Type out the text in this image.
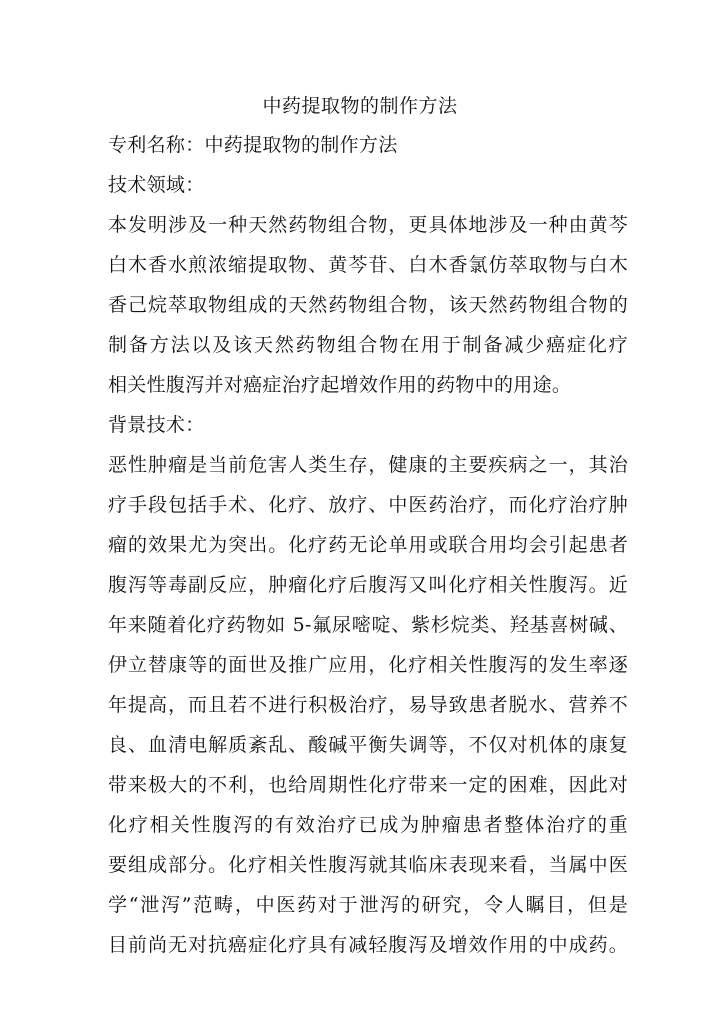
中药提取物的制作方法
专利名称：中药提取物的制作方法
技术领域：
本发明涉及一种天然药物组合物，更具体地涉及一种由黄芩
白木香水煎浓缩提取物、黄芩苷、白木香氯仿萃取物与白木
香己烷萃取物组成的天然药物组合物，该天然药物组合物的
制备方法以及该天然药物组合物在用于制备减少癌症化疗
相关性腹泻并对癌症治疗起增效作用的药物中的用途。
背景技术：
恶性肿瘤是当前危害人类生存，健康的主要疾病之一，其治
疗手段包括手术、化疗、放疗、中医药治疗，而化疗治疗肿
瘤的效果尤为突出。化疗药无论单用或联合用均会引起患者
腹泻等毒副反应，肿瘤化疗后腹泻又叫化疗相关性腹泻。近
年来随着化疗药物如 5-氟尿嘧啶、紫杉烷类、羟基喜树碱、
伊立替康等的面世及推广应用，化疗相关性腹泻的发生率逐
年提高，而且若不进行积极治疗，易导致患者脱水、营养不
良、血清电解质紊乱、酸碱平衡失调等，不仅对机体的康复
带来极大的不利，也给周期性化疗带来一定的困难，因此对
化疗相关性腹泻的有效治疗已成为肿瘤患者整体治疗的重
要组成部分。化疗相关性腹泻就其临床表现来看，当属中医
学“泄泻”范畴，中医药对于泄泻的研究，令人瞩目，但是
目前尚无对抗癌症化疗具有减轻腹泻及增效作用的中成药。
